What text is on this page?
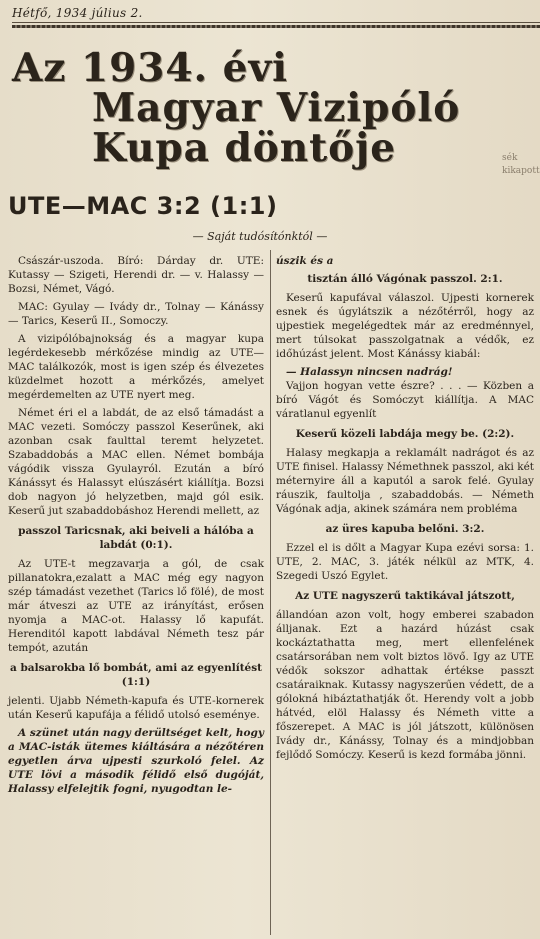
Hétfő, 1934 július 2.
sék
kikapott
Az 1934. évi
Magyar Vizipóló
Kupa döntője
UTE—MAC 3:2 (1:1)
— Saját tudósítónktól —

Császár-uszoda. Bíró: Dárday dr. UTE: Kutassy — Szigeti, Herendi dr. — v. Halassy — Bozsi, Német, Vágó.

MAC: Gyulay — Ivády dr., Tolnay — Kánássy — Tarics, Keserű II., Somoczy.

A vizipólóbajnokság és a magyar kupa legérdekesebb mérkőzése mindig az UTE—MAC találkozók, most is igen szép és élvezetes küzdelmet hozott a mérkőzés, amelyet megérdemelten az UTE nyert meg.

Német éri el a labdát, de az első támadást a MAC vezeti. Somóczy passzol Keserűnek, aki azonban csak faulttal teremt helyzetet. Szabaddobás a MAC ellen. Német bombája vágódik vissza Gyulayról. Ezután a bíró Kánássyt és Halassyt elúszásért kiállítja. Bozsi dob nagyon jó helyzetben, majd gól esik. Keserű jut szabaddobáshoz Herendi mellett, az

passzol Taricsnak, aki beiveli a hálóba a labdát (0:1).

Az UTE-t megzavarja a gól, de csak pillanatokra,ezalatt a MAC még egy nagyon szép támadást vezethet (Tarics lő fölé), de most már átveszi az UTE az irányítást, erősen nyomja a MAC-ot. Halassy lő kapufát. Herenditól kapott labdával Németh tesz pár tempót, azután

a balsarokba lő bombát, ami az egyenlítést (1:1)

jelenti. Ujabb Németh-kapufa és UTE-kornerek után Keserű kapufája a félidő utolsó eseménye.

A szünet után nagy derültséget kelt, hogy a MAC-isták ütemes kiáltására a nézőtéren egyetlen árva ujpesti szurkoló felel. Az UTE lövi a második félidő első dugóját, Halassy elfelejtik fogni, nyugodtan le-

úszik és a

tisztán álló Vágónak passzol. 2:1.

Keserű kapufával válaszol. Ujpesti kornerek esnek és úgylátszik a nézőtérről, hogy az ujpestiek megelégedtek már az eredménnyel, mert túlsokat passzolgatnak a védők, ez időhúzást jelent. Most Kánássy kiabál:

— Halassyn nincsen nadrág!

Vajjon hogyan vette észre? . . . — Közben a bíró Vágót és Somóczyt kiállítja. A MAC váratlanul egyenlít

Keserű közeli labdája megy be. (2:2).

Halasy megkapja a reklamált nadrágot és az UTE finisel. Halassy Némethnek passzol, aki két méternyire áll a kaputól a sarok felé. Gyulay ráuszik, faultolja , szabaddobás. — Németh Vágónak adja, akinek számára nem probléma

az üres kapuba belőni. 3:2.

Ezzel el is dőlt a Magyar Kupa ezévi sorsa: 1. UTE, 2. MAC, 3. játék nélkül az MTK, 4. Szegedi Uszó Egylet.

Az UTE nagyszerű taktikával játszott,

állandóan azon volt, hogy emberei szabadon álljanak. Ezt a hazárd húzást csak kockáztathatta meg, mert ellenfelének csatársorában nem volt biztos lövő. Igy az UTE védők sokszor adhattak értékse passzt csatáraiknak. Kutassy nagyszerűen védett, de a gólokná hibáztathatják őt. Herendy volt a jobb hátvéd, elöl Halassy és Németh vitte a főszerepet. A MAC is jól játszott, különösen Ivády dr., Kánássy, Tolnay és a mindjobban fejlődő Somóczy. Keserű is kezd formába jönni.
